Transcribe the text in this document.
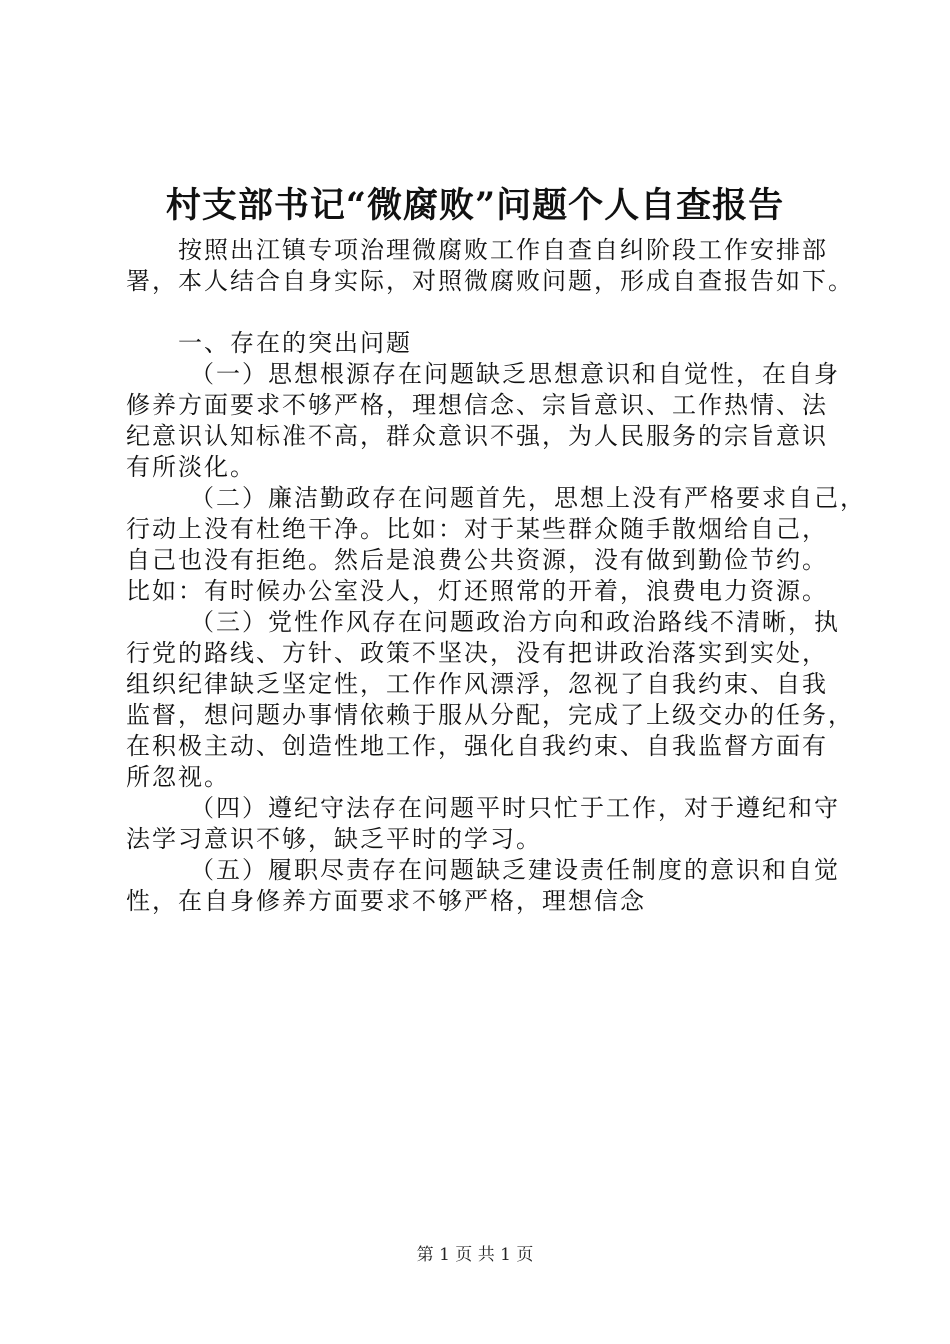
村支部书记“微腐败”问题个人自查报告

按照出江镇专项治理微腐败工作自查自纠阶段工作安排部

署，本人结合自身实际，对照微腐败问题，形成自查报告如下。

一、存在的突出问题

（一）思想根源存在问题缺乏思想意识和自觉性，在自身

修养方面要求不够严格，理想信念、宗旨意识、工作热情、法

纪意识认知标准不高，群众意识不强，为人民服务的宗旨意识

有所淡化。

（二）廉洁勤政存在问题首先，思想上没有严格要求自己，

行动上没有杜绝干净。比如：对于某些群众随手散烟给自己，

自己也没有拒绝。然后是浪费公共资源，没有做到勤俭节约。

比如：有时候办公室没人，灯还照常的开着，浪费电力资源。

（三）党性作风存在问题政治方向和政治路线不清晰，执

行党的路线、方针、政策不坚决，没有把讲政治落实到实处，

组织纪律缺乏坚定性，工作作风漂浮，忽视了自我约束、自我

监督，想问题办事情依赖于服从分配，完成了上级交办的任务，

在积极主动、创造性地工作，强化自我约束、自我监督方面有

所忽视。

（四）遵纪守法存在问题平时只忙于工作，对于遵纪和守

法学习意识不够，缺乏平时的学习。

（五）履职尽责存在问题缺乏建设责任制度的意识和自觉

性，在自身修养方面要求不够严格，理想信念

第 1 页 共 1 页
